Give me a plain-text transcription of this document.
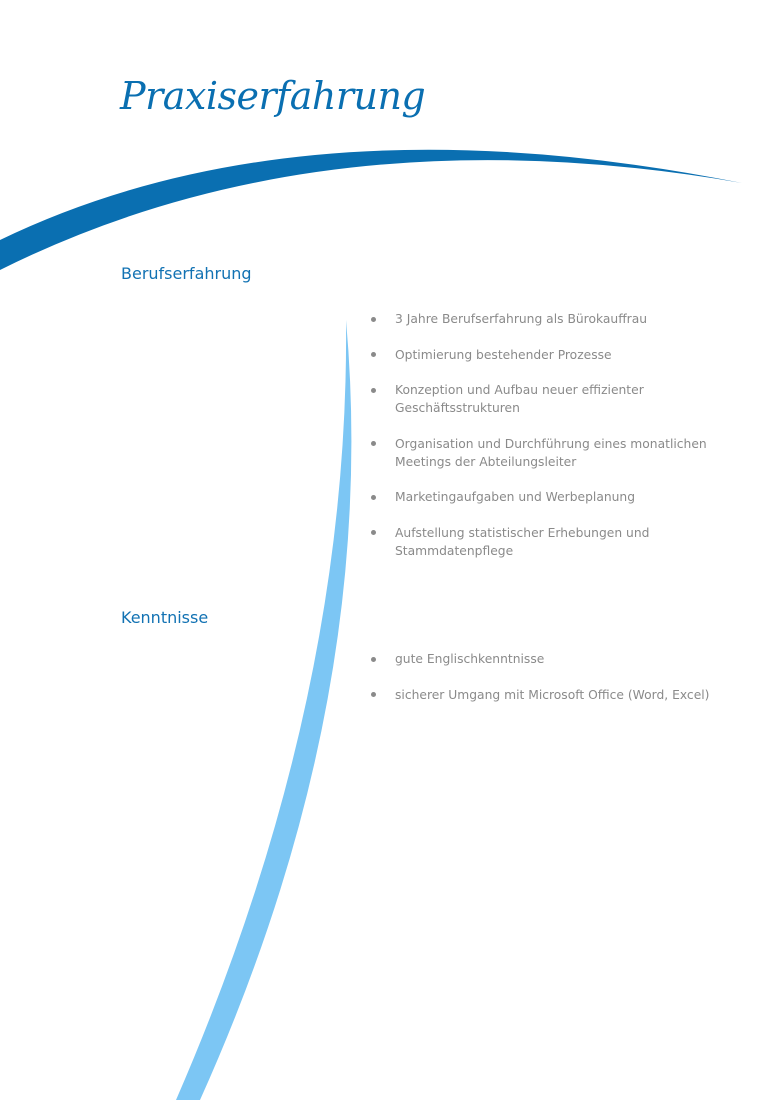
Praxiserfahrung
Berufserfahrung
3 Jahre Berufserfahrung als Bürokauffrau
Optimierung bestehender Prozesse
Konzeption und Aufbau neuer effizienter Geschäftsstrukturen
Organisation und Durchführung eines monatlichen Meetings der Abteilungsleiter
Marketingaufgaben und Werbeplanung
Aufstellung statistischer Erhebungen und Stammdatenpflege
Kenntnisse
gute Englischkenntnisse
sicherer Umgang mit Microsoft Office (Word, Excel)
